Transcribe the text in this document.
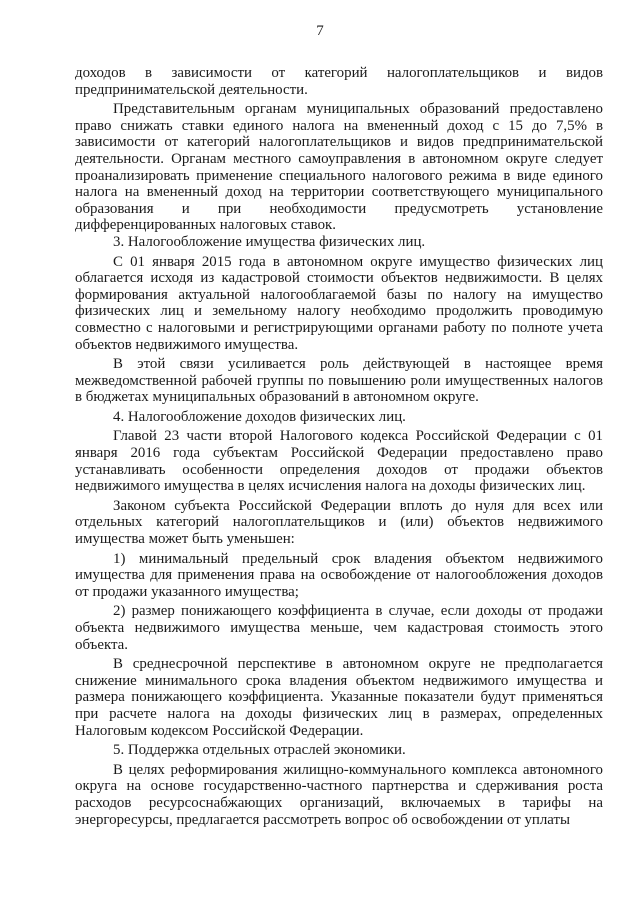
7

доходов в зависимости от категорий налогоплательщиков и видов предпринимательской деятельности.

Представительным органам муниципальных образований предоставлено право снижать ставки единого налога на вмененный доход с 15 до 7,5% в зависимости от категорий налогоплательщиков и видов предпринимательской деятельности. Органам местного самоуправления в автономном округе следует проанализировать применение специального налогового режима в виде единого налога на вмененный доход на территории соответствующего муниципального образования и при необходимости предусмотреть установление дифференцированных налоговых ставок.

3. Налогообложение имущества физических лиц.

С 01 января 2015 года в автономном округе имущество физических лиц облагается исходя из кадастровой стоимости объектов недвижимости. В целях формирования актуальной налогооблагаемой базы по налогу на имущество физических лиц и земельному налогу необходимо продолжить проводимую совместно с налоговыми и регистрирующими органами работу по полноте учета объектов недвижимого имущества.

В этой связи усиливается роль действующей в настоящее время межведомственной рабочей группы по повышению роли имущественных налогов в бюджетах муниципальных образований в автономном округе.

4. Налогообложение доходов физических лиц.

Главой 23 части второй Налогового кодекса Российской Федерации с 01 января 2016 года субъектам Российской Федерации предоставлено право устанавливать особенности определения доходов от продажи объектов недвижимого имущества в целях исчисления налога на доходы физических лиц.

Законом субъекта Российской Федерации вплоть до нуля для всех или отдельных категорий налогоплательщиков и (или) объектов недвижимого имущества может быть уменьшен:

1) минимальный предельный срок владения объектом недвижимого имущества для применения права на освобождение от налогообложения доходов от продажи указанного имущества;

2) размер понижающего коэффициента в случае, если доходы от продажи объекта недвижимого имущества меньше, чем кадастровая стоимость этого объекта.

В среднесрочной перспективе в автономном округе не предполагается снижение минимального срока владения объектом недвижимого имущества и размера понижающего коэффициента. Указанные показатели будут применяться при расчете налога на доходы физических лиц в размерах, определенных Налоговым кодексом Российской Федерации.

5. Поддержка отдельных отраслей экономики.

В целях реформирования жилищно-коммунального комплекса автономного округа на основе государственно-частного партнерства и сдерживания роста расходов ресурсоснабжающих организаций, включаемых в тарифы на энергоресурсы, предлагается рассмотреть вопрос об освобождении от уплаты
